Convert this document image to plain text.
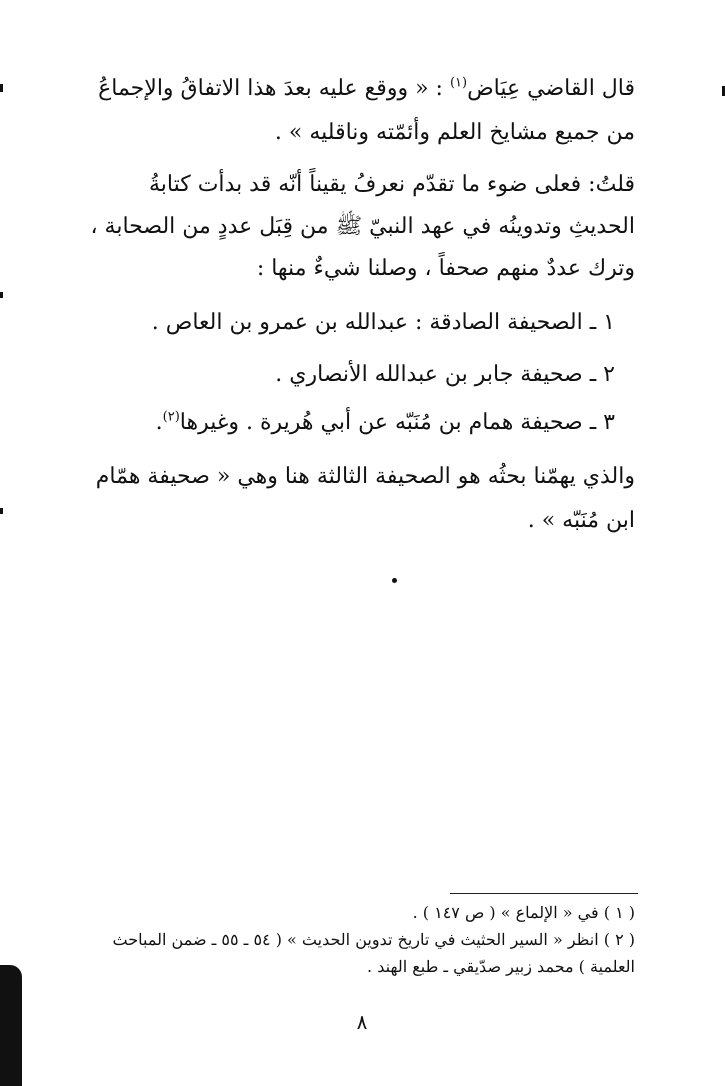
قال القاضي عِيَاض$^{(١)}$ : « ووقع عليه بعدَ هذا الاتفاقُ والإجماعُ
من جميع مشايخ العلم وأئمّته وناقليه » .
قلتُ: فعلى ضوء ما تقدّم نعرفُ يقيناً أنّه قد بدأت كتابةُ
الحديثِ وتدوينُه في عهد النبيّ ﷺ من قِبَل عددٍ من الصحابة ،
وترك عددٌ منهم صحفاً ، وصلنا شيءٌ منها :
١ ـ الصحيفة الصادقة : عبدالله بن عمرو بن العاص .
٢ ـ صحيفة جابر بن عبدالله الأنصاري .
٣ ـ صحيفة همام بن مُنَبّه عن أبي هُريرة . وغيرها$^{(٢)}$.
والذي يهمّنا بحثُه هو الصحيفة الثالثة هنا وهي « صحيفة همّام
ابن مُنَبّه » .
( ١ ) في « الإلماع » ( ص ١٤٧ ) .
( ٢ ) انظر « السير الحثيث في تاريخ تدوين الحديث » ( ٥٤ ـ ٥٥ ـ ضمن المباحث
العلمية ) محمد زبير صدّيقي ـ طبع الهند .
٨
